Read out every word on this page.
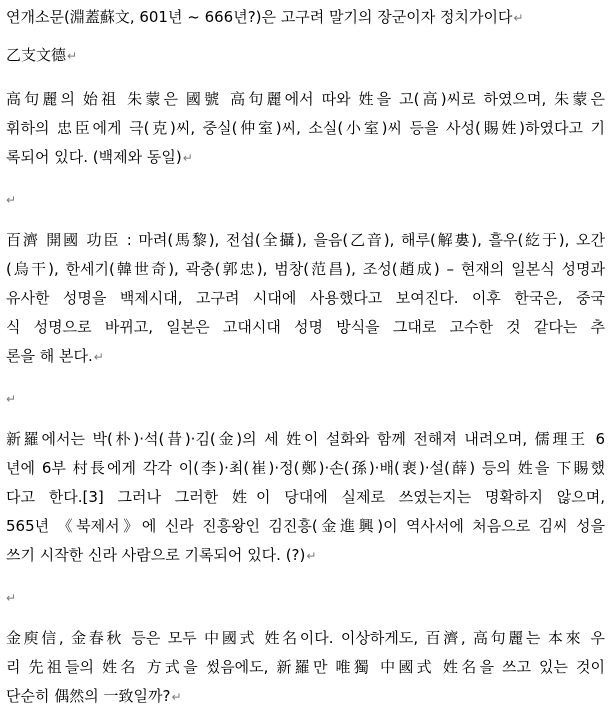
연개소문(淵蓋蘇文, 601년 ~ 666년?)은 고구려 말기의 장군이자 정치가이다↵
乙支文德↵
高句麗의 始祖 朱蒙은 國號 高句麗에서 따와 姓을 고(高)씨로 하였으며, 朱蒙은
휘하의 忠臣에게 극(克)씨, 중실(仲室)씨, 소실(小室)씨 등을 사성(賜姓)하였다고 기
록되어 있다. (백제와 동일)↵
↵
百濟 開國 功臣 : 마려(馬黎), 전섭(全攝), 을음(乙音), 해루(解婁), 흘우(紇于), 오간
(烏干), 한세기(韓世奇), 곽충(郭忠), 범창(范昌), 조성(趙成) – 현재의 일본식 성명과
유사한 성명을 백제시대, 고구려 시대에 사용했다고 보여진다. 이후 한국은, 중국
식 성명으로 바뀌고, 일본은 고대시대 성명 방식을 그대로 고수한 것 같다는 추
론을 해 본다.↵
↵
新羅에서는 박(朴)·석(昔)·김(金)의 세 姓이 설화와 함께 전해져 내려오며, 儒理王 6
년에 6부 村長에게 각각 이(李)·최(崔)·정(鄭)·손(孫)·배(裵)·설(薛) 등의 姓을 下賜했
다고 한다.[3] 그러나 그러한 姓이 당대에 실제로 쓰였는지는 명확하지 않으며,
565년 《북제서》에 신라 진흥왕인 김진흥(金進興)이 역사서에 처음으로 김씨 성을
쓰기 시작한 신라 사람으로 기록되어 있다. (?)↵
↵
金庾信, 金春秋 등은 모두 中國式 姓名이다. 이상하게도, 百濟, 高句麗는 本來 우
리 先祖들의 姓名 方式을 썼음에도, 新羅만 唯獨 中國式 姓名을 쓰고 있는 것이
단순히 偶然의 一致일까?↵
